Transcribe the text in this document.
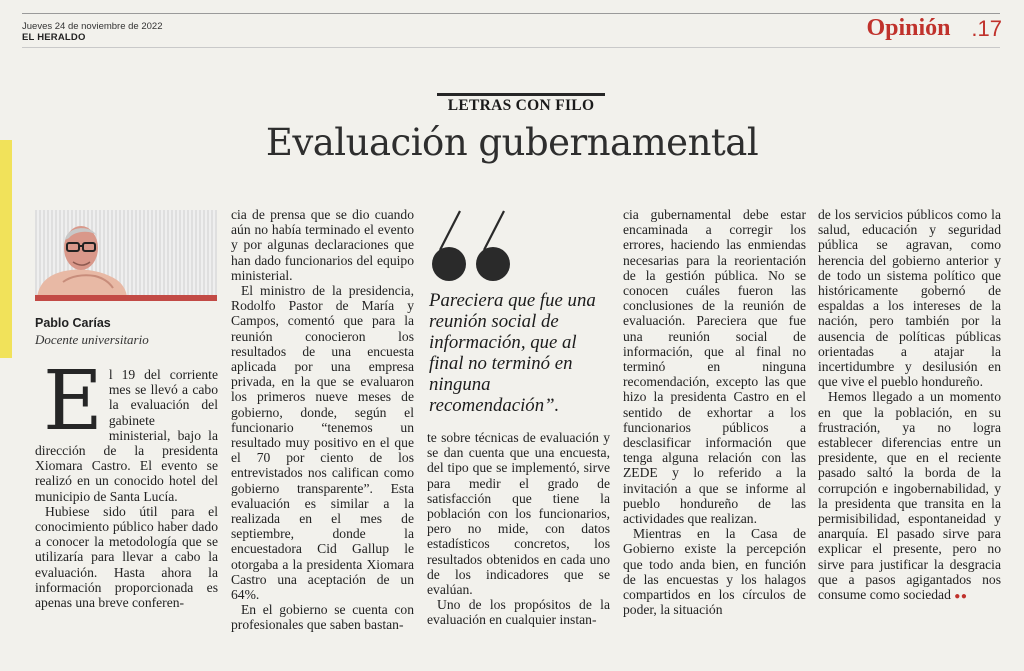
Jueves 24 de noviembre de 2022
EL HERALDO	Opinión .17
LETRAS CON FILO
Evaluación gubernamental
Pablo Carías
Docente universitario
E l 19 del corriente mes se llevó a cabo la evaluación del gabinete ministerial, bajo la dirección de la presidenta Xiomara Castro. El evento se realizó en un conocido hotel del municipio de Santa Lucía.

Hubiese sido útil para el conocimiento público haber dado a conocer la metodología que se utilizaría para llevar a cabo la evaluación. Hasta ahora la información proporcionada es apenas una breve conferen-

cia de prensa que se dio cuando aún no había terminado el evento y por algunas declaraciones que han dado funcionarios del equipo ministerial.

El ministro de la presidencia, Rodolfo Pastor de María y Campos, comentó que para la reunión conocieron los resultados de una encuesta aplicada por una empresa privada, en la que se evaluaron los primeros nueve meses de gobierno, donde, según el funcionario “tenemos un resultado muy positivo en el que el 70 por ciento de los entrevistados nos califican como gobierno transparente”. Esta evaluación es similar a la realizada en el mes de septiembre, donde la encuestadora Cid Gallup le otorgaba a la presidenta Xiomara Castro una aceptación de un 64%.

En el gobierno se cuenta con profesionales que saben bastan-

Pareciera que fue una reunión social de información, que al final no terminó en ninguna recomendación”.

te sobre técnicas de evaluación y se dan cuenta que una encuesta, del tipo que se implementó, sirve para medir el grado de satisfacción que tiene la población con los funcionarios, pero no mide, con datos estadísticos concretos, los resultados obtenidos en cada uno de los indicadores que se evalúan.

Uno de los propósitos de la evaluación en cualquier instan-

cia gubernamental debe estar encaminada a corregir los errores, haciendo las enmiendas necesarias para la reorientación de la gestión pública. No se conocen cuáles fueron las conclusiones de la reunión de evaluación. Pareciera que fue una reunión social de información, que al final no terminó en ninguna recomendación, excepto las que hizo la presidenta Castro en el sentido de exhortar a los funcionarios públicos a desclasificar información que tenga alguna relación con las ZEDE y lo referido a la invitación a que se informe al pueblo hondureño de las actividades que realizan.

Mientras en la Casa de Gobierno existe la percepción que todo anda bien, en función de las encuestas y los halagos compartidos en los círculos de poder, la situación

de los servicios públicos como la salud, educación y seguridad pública se agravan, como herencia del gobierno anterior y de todo un sistema político que históricamente gobernó de espaldas a los intereses de la nación, pero también por la ausencia de políticas públicas orientadas a atajar la incertidumbre y desilusión en que vive el pueblo hondureño.

Hemos llegado a un momento en que la población, en su frustración, ya no logra establecer diferencias entre un presidente, que en el reciente pasado saltó la borda de la corrupción e ingobernabilidad, y la presidenta que transita en la permisibilidad, espontaneidad y anarquía. El pasado sirve para explicar el presente, pero no sirve para justificar la desgracia que a pasos agigantados nos consume como sociedad ●●
